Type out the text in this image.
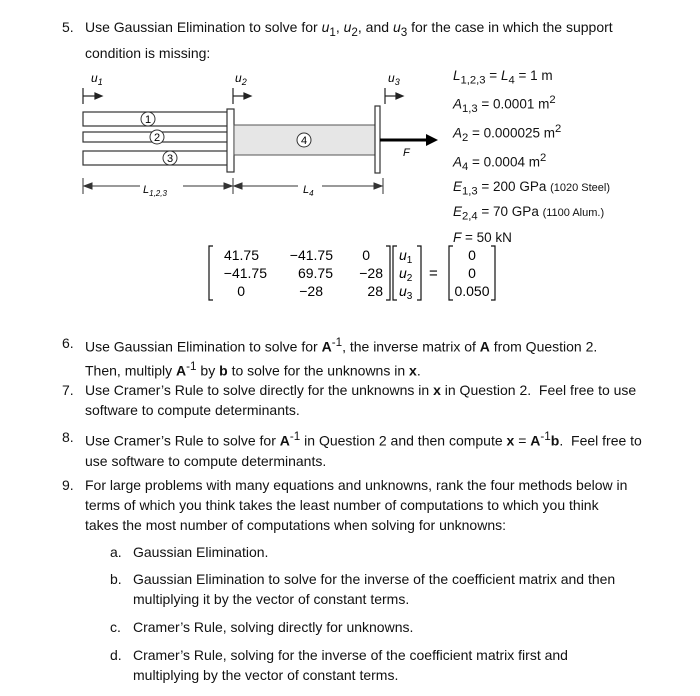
5. Use Gaussian Elimination to solve for $u_1$, $u_2$, and $u_3$ for the case in which the support condition is missing:
$u_1$	$u_2$	$u_3$
F
1
2
3
4
$L_{1,2,3}$	$L_4$
$L_{1,2,3} = L_4 = 1$ m
$A_{1,3} = 0.0001$ $m^2$
$A_2 = 0.000025$ $m^2$
$A_4 = 0.0004$ $m^2$
$E_{1,3} = 200$ GPa (1020 Steel)
$E_{2,4} = 70$ GPa (1100 Alum.)
F = 50 kN
41.75 −41.75 0
−41.75 69.75 −28
0	−28	28
$u_1$
$u_2$
$u_3$
=
0
0
0.050
6. Use Gaussian Elimination to solve for $A^{-1}$, the inverse matrix of A from Question 2.
Then, multiply $A^{-1}$ by b to solve for the unknowns in x.
7. Use Cramer’s Rule to solve directly for the unknowns in x in Question 2.  Feel free to use
software to compute determinants.
8. Use Cramer’s Rule to solve for $A^{-1}$ in Question 2 and then compute $x = A^{-1}b$.  Feel free to
use software to compute determinants.
9. For large problems with many equations and unknowns, rank the four methods below in
terms of which you think takes the least number of computations to which you think
takes the most number of computations when solving for unknowns:
a. Gaussian Elimination.
b. Gaussian Elimination to solve for the inverse of the coefficient matrix and then
multiplying it by the vector of constant terms.
c. Cramer’s Rule, solving directly for unknowns.
d. Cramer’s Rule, solving for the inverse of the coefficient matrix first and
multiplying by the vector of constant terms.
